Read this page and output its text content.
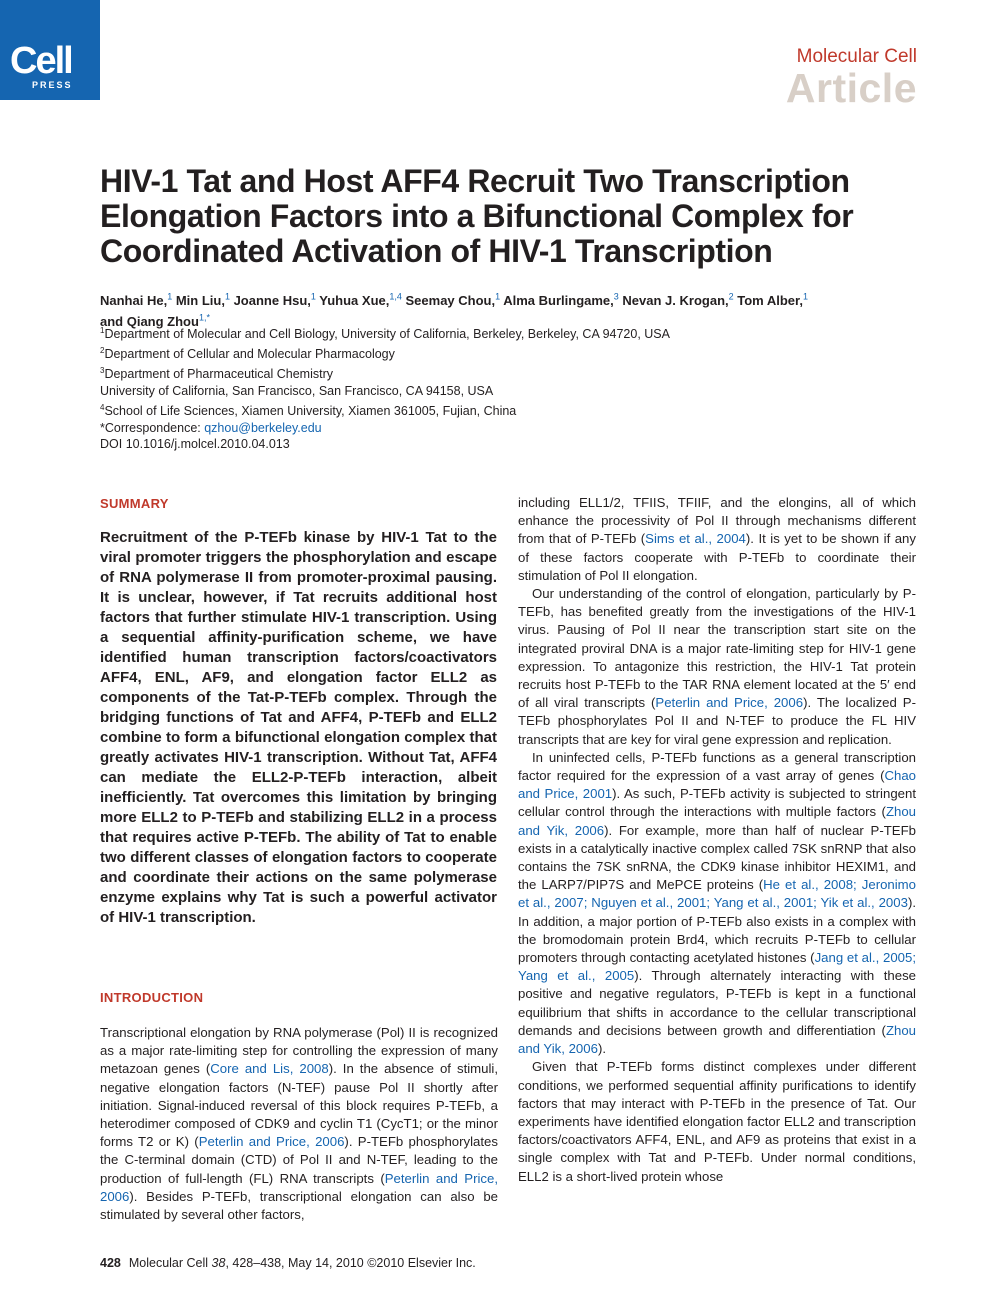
Cell
PRESS
Molecular Cell
Article
HIV-1 Tat and Host AFF4 Recruit Two Transcription Elongation Factors into a Bifunctional Complex for Coordinated Activation of HIV-1 Transcription
Nanhai He,$^1$ Min Liu,$^1$ Joanne Hsu,$^1$ Yuhua Xue,$^{1,4}$ Seemay Chou,$^1$ Alma Burlingame,$^3$ Nevan J. Krogan,$^2$ Tom Alber,$^1$
and Qiang Zhou$^{1,*}$
$^1$Department of Molecular and Cell Biology, University of California, Berkeley, Berkeley, CA 94720, USA
$^2$Department of Cellular and Molecular Pharmacology
$^3$Department of Pharmaceutical Chemistry
University of California, San Francisco, San Francisco, CA 94158, USA
$^4$School of Life Sciences, Xiamen University, Xiamen 361005, Fujian, China
*Correspondence: qzhou@berkeley.edu
DOI 10.1016/j.molcel.2010.04.013
SUMMARY
Recruitment of the P-TEFb kinase by HIV-1 Tat to the viral promoter triggers the phosphorylation and escape of RNA polymerase II from promoter-proximal pausing. It is unclear, however, if Tat recruits additional host factors that further stimulate HIV-1 transcription. Using a sequential affinity-purification scheme, we have identified human transcription factors/coactivators AFF4, ENL, AF9, and elongation factor ELL2 as components of the Tat-P-TEFb complex. Through the bridging functions of Tat and AFF4, P-TEFb and ELL2 combine to form a bifunctional elongation complex that greatly activates HIV-1 transcription. Without Tat, AFF4 can mediate the ELL2-P-TEFb interaction, albeit inefficiently. Tat overcomes this limitation by bringing more ELL2 to P-TEFb and stabilizing ELL2 in a process that requires active P-TEFb. The ability of Tat to enable two different classes of elongation factors to cooperate and coordinate their actions on the same polymerase enzyme explains why Tat is such a powerful activator of HIV-1 transcription.
INTRODUCTION

Transcriptional elongation by RNA polymerase (Pol) II is recognized as a major rate-limiting step for controlling the expression of many metazoan genes (Core and Lis, 2008). In the absence of stimuli, negative elongation factors (N-TEF) pause Pol II shortly after initiation. Signal-induced reversal of this block requires P-TEFb, a heterodimer composed of CDK9 and cyclin T1 (CycT1; or the minor forms T2 or K) (Peterlin and Price, 2006). P-TEFb phosphorylates the C-terminal domain (CTD) of Pol II and N-TEF, leading to the production of full-length (FL) RNA transcripts (Peterlin and Price, 2006). Besides P-TEFb, transcriptional elongation can also be stimulated by several other factors,

including ELL1/2, TFIIS, TFIIF, and the elongins, all of which enhance the processivity of Pol II through mechanisms different from that of P-TEFb (Sims et al., 2004). It is yet to be shown if any of these factors cooperate with P-TEFb to coordinate their stimulation of Pol II elongation.

Our understanding of the control of elongation, particularly by P-TEFb, has benefited greatly from the investigations of the HIV-1 virus. Pausing of Pol II near the transcription start site on the integrated proviral DNA is a major rate-limiting step for HIV-1 gene expression. To antagonize this restriction, the HIV-1 Tat protein recruits host P-TEFb to the TAR RNA element located at the 5′ end of all viral transcripts (Peterlin and Price, 2006). The localized P-TEFb phosphorylates Pol II and N-TEF to produce the FL HIV transcripts that are key for viral gene expression and replication.

In uninfected cells, P-TEFb functions as a general transcription factor required for the expression of a vast array of genes (Chao and Price, 2001). As such, P-TEFb activity is subjected to stringent cellular control through the interactions with multiple factors (Zhou and Yik, 2006). For example, more than half of nuclear P-TEFb exists in a catalytically inactive complex called 7SK snRNP that also contains the 7SK snRNA, the CDK9 kinase inhibitor HEXIM1, and the LARP7/PIP7S and MePCE proteins (He et al., 2008; Jeronimo et al., 2007; Nguyen et al., 2001; Yang et al., 2001; Yik et al., 2003). In addition, a major portion of P-TEFb also exists in a complex with the bromodomain protein Brd4, which recruits P-TEFb to cellular promoters through contacting acetylated histones (Jang et al., 2005; Yang et al., 2005). Through alternately interacting with these positive and negative regulators, P-TEFb is kept in a functional equilibrium that shifts in accordance to the cellular transcriptional demands and decisions between growth and differentiation (Zhou and Yik, 2006).

Given that P-TEFb forms distinct complexes under different conditions, we performed sequential affinity purifications to identify factors that may interact with P-TEFb in the presence of Tat. Our experiments have identified elongation factor ELL2 and transcription factors/coactivators AFF4, ENL, and AF9 as proteins that exist in a single complex with Tat and P-TEFb. Under normal conditions, ELL2 is a short-lived protein whose

428 Molecular Cell 38, 428–438, May 14, 2010 ©2010 Elsevier Inc.
